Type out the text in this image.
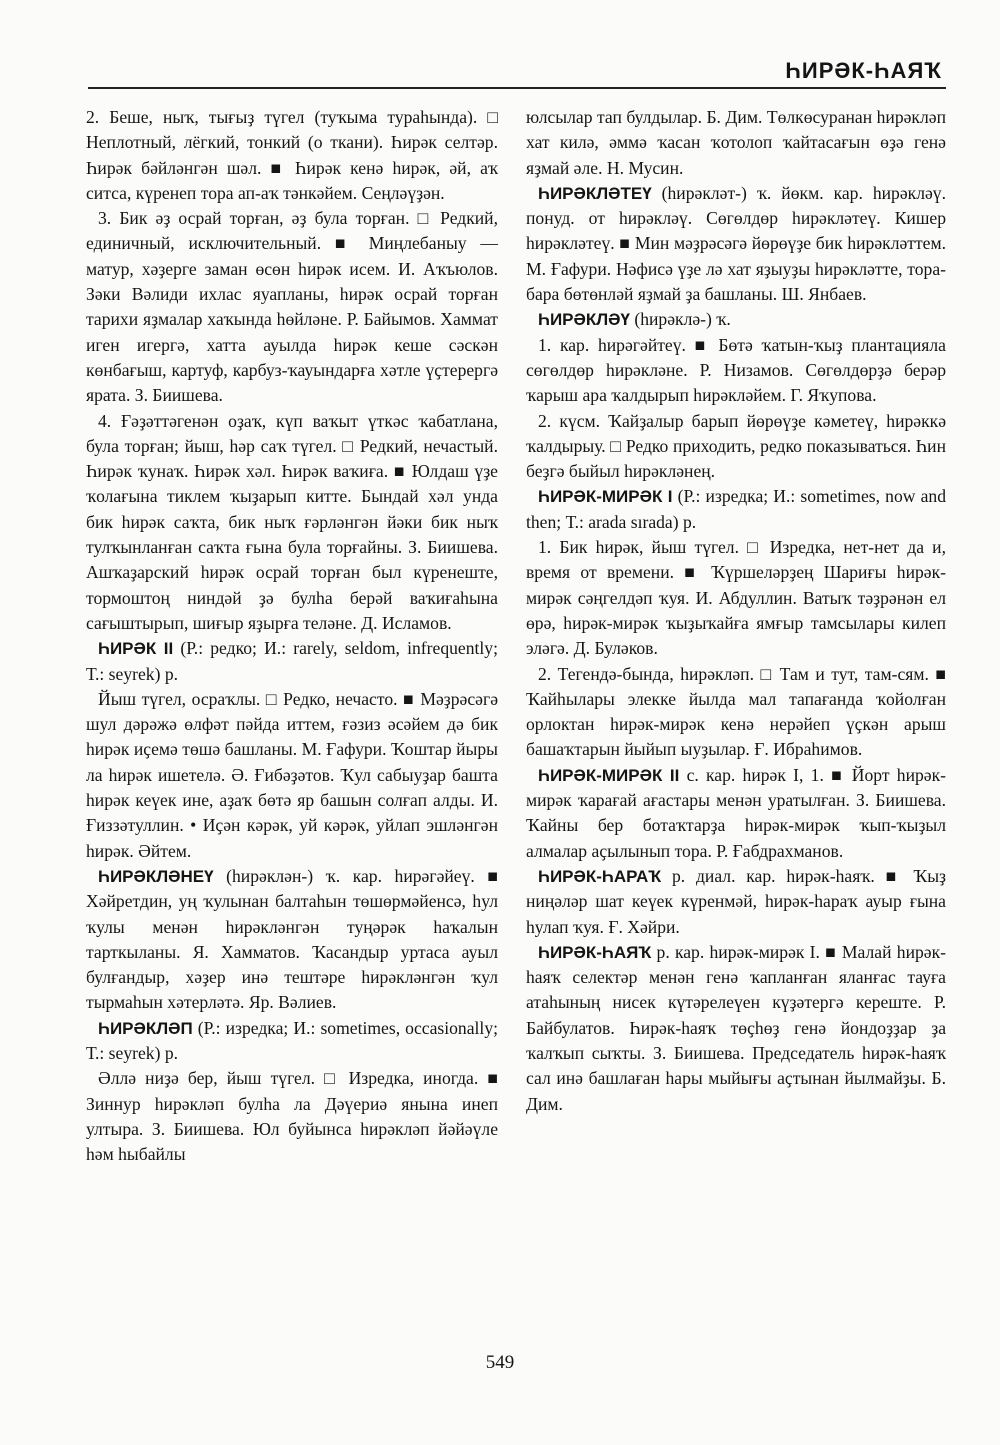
ҺИРӘК-ҺАЯҠ

2. Беше, ныҡ, тығыҙ түгел (туҡыма тураһында). □ Неплотный, лёгкий, тонкий (о ткани). Һирәк селтәр. Һирәк бәйләнгән шәл. ■ Һирәк кенә һирәк, әй, аҡ ситса, күренеп тора ап-аҡ тәнкәйем. Сеңләүҙән.

3. Бик әҙ осрай торған, әҙ була торған. □ Редкий, единичный, исключительный. ■ Миңлебаныу — матур, хәҙерге заман өсөн һирәк исем. И. Аҡъюлов. Зәки Вәлиди ихлас яуапланы, һирәк осрай торған тарихи яҙмалар хаҡында һөйләне. Р. Байымов. Хаммат иген игергә, хатта ауылда һирәк кеше сәскән көнбағыш, картуф, карбуз-ҡауындарға хәтле үҫтерергә ярата. З. Биишева.

4. Ғәҙәттәгенән оҙаҡ, күп ваҡыт үткәс ҡабатлана, була торған; йыш, һәр саҡ түгел. □ Редкий, нечастый. Һирәк ҡунаҡ. Һирәк хәл. Һирәк ваҡиға. ■ Юлдаш үҙе ҡолағына тиклем ҡыҙарып китте. Бындай хәл унда бик һирәк саҡта, бик ныҡ ғәрләнгән йәки бик ныҡ тулҡынланған саҡта ғына була торғайны. З. Биишева. Ашҡаҙарский һирәк осрай торған был күренеште, тормоштоң ниндәй ҙә булһа берәй ваҡиғаһына сағыштырып, шиғыр яҙырға теләне. Д. Исламов.

ҺИРӘК II (Р.: редко; И.: rarely, seldom, infrequently; Т.: seyrek) р.

Йыш түгел, осраҡлы. □ Редко, нечасто. ■ Мәҙрәсәгә шул дәрәжә өлфәт пәйда иттем, ғәзиз әсәйем дә бик һирәк иҫемә төшә башланы. М. Ғафури. Ҡоштар йыры ла һирәк ишетелә. Ә. Ғибәҙәтов. Ҡул сабыуҙар башта һирәк кеүек ине, аҙаҡ бөтә яр башын солғап алды. И. Ғиззәтуллин. • Иҫән кәрәк, уй кәрәк, уйлап эшләнгән һирәк. Әйтем.

ҺИРӘКЛӘНЕҮ (һирәклән-) ҡ. кар. һирәгәйеү. ■ Хәйретдин, уң ҡулынан балтаһын төшөрмәйенсә, һул ҡулы менән һирәкләнгән туңәрәк һаҡалын тарткыланы. Я. Хамматов. Ҡасандыр уртаса ауыл булғандыр, хәҙер инә тештәре һирәкләнгән ҡул тырмаһын хәтерләтә. Яр. Вәлиев.

ҺИРӘКЛӘП (Р.: изредка; И.: sometimes, occasionally; Т.: seyrek) р.

Әллә ниҙә бер, йыш түгел. □ Изредка, иногда. ■ Зиннур һирәкләп булһа ла Дәүериә янына инеп ултыра. З. Биишева. Юл буйынса һирәкләп йәйәүле һәм һыбайлы

юлсылар тап булдылар. Б. Дим. Төлкөсуранан һирәкләп хат килә, әммә ҡасан ҡотолоп ҡайтасағын өҙә генә яҙмай әле. Н. Мусин.

ҺИРӘКЛӘТЕҮ (һирәкләт-) ҡ. йөкм. кар. һирәкләү. понуд. от һирәкләү. Сөгөлдөр һирәкләтеү. Кишер һирәкләтеү. ■ Мин мәҙрәсәгә йөрөүҙе бик һирәкләттем. М. Ғафури. Нәфисә үҙе лә хат яҙыуҙы һирәкләтте, тора-бара бөтөнләй яҙмай ҙа башланы. Ш. Янбаев.

ҺИРӘКЛӘҮ (һирәклә-) ҡ.

1. кар. һирәгәйтеү. ■ Бөтә ҡатын-ҡыҙ плантацияла сөгөлдөр һирәкләне. Р. Низамов. Сөгөлдөрҙә берәр ҡарыш ара ҡалдырып һирәкләйем. Г. Яҡупова.

2. күсм. Ҡайҙалыр барып йөрөүҙе кәметеү, һирәккә ҡалдырыу. □ Редко приходить, редко показываться. Һин беҙгә быйыл һирәкләнең.

ҺИРӘК-МИРӘК I (Р.: изредка; И.: sometimes, now and then; Т.: arada sırada) р.

1. Бик һирәк, йыш түгел. □ Изредка, нет-нет да и, время от времени. ■ Ҡүршеләрҙең Шариғы һирәк-мирәк сәңгелдәп ҡуя. И. Абдуллин. Ватыҡ тәҙрәнән ел өрә, һирәк-мирәк ҡыҙыҡайға ямғыр тамсылары килеп эләгә. Д. Буләков.

2. Тегендә-бында, һирәкләп. □ Там и тут, там-сям. ■ Ҡайһылары элекке йылда мал тапағанда ҡойолған орлоктан һирәк-мирәк кенә нерәйеп үҫкән арыш башаҡтарын йыйып ыуҙылар. Ғ. Ибраһимов.

ҺИРӘК-МИРӘК II с. кар. һирәк I, 1. ■ Йорт һирәк-мирәк ҡарағай ағастары менән уратылған. З. Биишева. Ҡайны бер ботаҡтарҙа һирәк-мирәк ҡып-ҡыҙыл алмалар аҫылынып тора. Р. Ғабдрахманов.

ҺИРӘК-ҺАРАҠ р. диал. кар. һирәк-һаяҡ. ■ Ҡыҙ ниңәләр шат кеүек күренмәй, һирәк-һараҡ ауыр ғына һулап ҡуя. Ғ. Хәйри.

ҺИРӘК-ҺАЯҠ р. кар. һирәк-мирәк I. ■ Малай һирәк-һаяҡ селектәр менән генә ҡапланған яланғас тауға атаһының нисек күтәрелеүен күҙәтергә кереште. Р. Байбулатов. Һирәк-һаяҡ төҫһөҙ генә йондоҙҙар ҙа ҡалҡып сыҡты. З. Биишева. Председатель һирәк-һаяҡ сал инә башлаған һары мыйығы аҫтынан йылмайҙы. Б. Дим.

549
